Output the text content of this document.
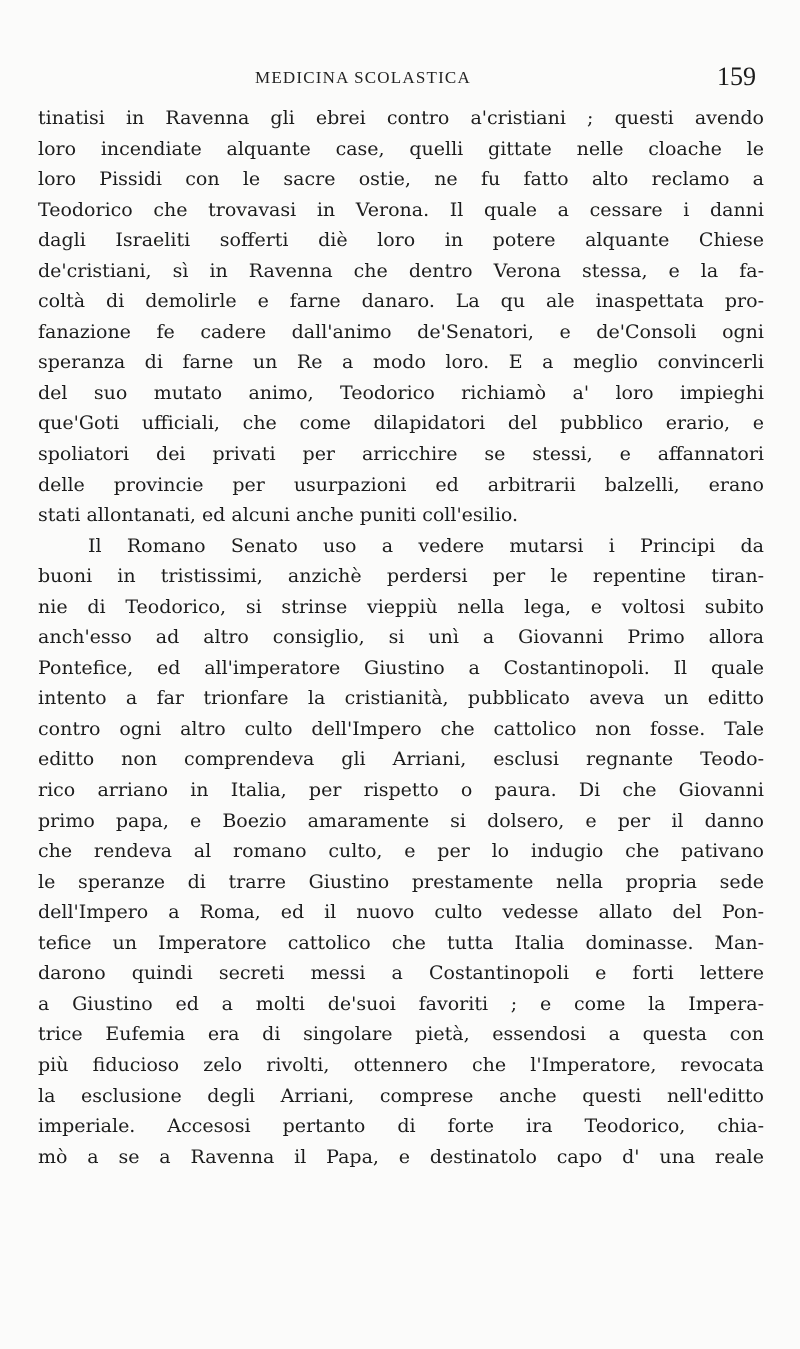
MEDICINA SCOLASTICA	159
tinatisi in Ravenna gli ebrei contro a'cristiani ; questi avendo
loro incendiate alquante case, quelli gittate nelle cloache le
loro Pissidi con le sacre ostie, ne fu fatto alto reclamo a
Teodorico che trovavasi in Verona. Il quale a cessare i danni
dagli Israeliti sofferti diè loro in potere alquante Chiese
de'cristiani, sì in Ravenna che dentro Verona stessa, e la fa-
coltà di demolirle e farne danaro. La qu ale inaspettata pro-
fanazione fe cadere dall'animo de'Senatori, e de'Consoli ogni
speranza di farne un Re a modo loro. E a meglio convincerli
del suo mutato animo, Teodorico richiamò a' loro impieghi
que'Goti ufficiali, che come dilapidatori del pubblico erario, e
spoliatori dei privati per arricchire se stessi, e affannatori
delle provincie per usurpazioni ed arbitrarii balzelli, erano
stati allontanati, ed alcuni anche puniti coll'esilio.
Il Romano Senato uso a vedere mutarsi i Principi da
buoni in tristissimi, anzichè perdersi per le repentine tiran-
nie di Teodorico, si strinse vieppiù nella lega, e voltosi subito
anch'esso ad altro consiglio, si unì a Giovanni Primo allora
Pontefice, ed all'imperatore Giustino a Costantinopoli. Il quale
intento a far trionfare la cristianità, pubblicato aveva un editto
contro ogni altro culto dell'Impero che cattolico non fosse. Tale
editto non comprendeva gli Arriani, esclusi regnante Teodo-
rico arriano in Italia, per rispetto o paura. Di che Giovanni
primo papa, e Boezio amaramente si dolsero, e per il danno
che rendeva al romano culto, e per lo indugio che pativano
le speranze di trarre Giustino prestamente nella propria sede
dell'Impero a Roma, ed il nuovo culto vedesse allato del Pon-
tefice un Imperatore cattolico che tutta Italia dominasse. Man-
darono quindi secreti messi a Costantinopoli e forti lettere
a Giustino ed a molti de'suoi favoriti ; e come la Impera-
trice Eufemia era di singolare pietà, essendosi a questa con
più fiducioso zelo rivolti, ottennero che l'Imperatore, revocata
la esclusione degli Arriani, comprese anche questi nell'editto
imperiale. Accesosi pertanto di forte ira Teodorico, chia-
mò a se a Ravenna il Papa, e destinatolo capo d' una reale
